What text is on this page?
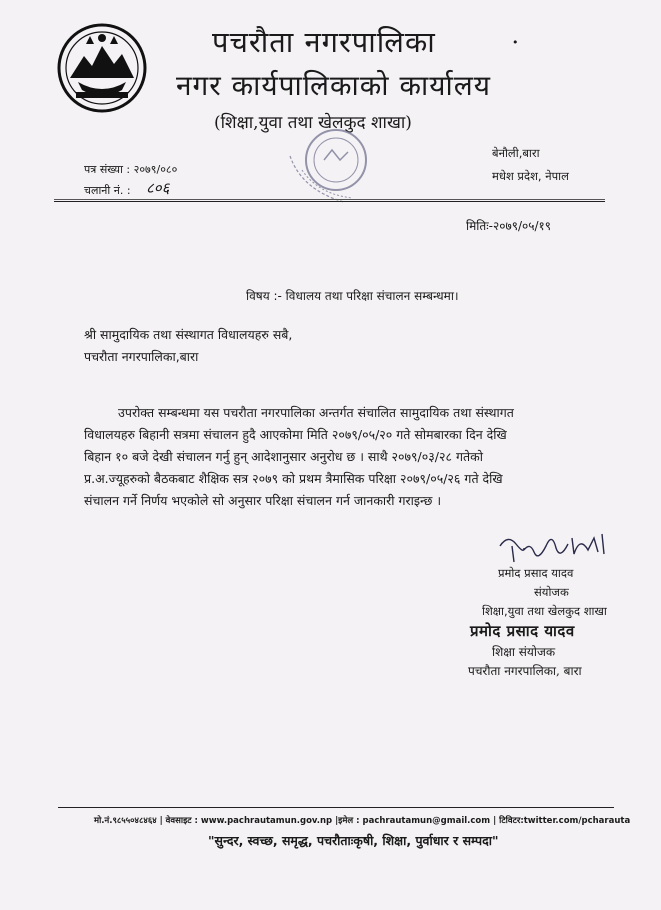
पचरौता नगरपालिका	•
नगर कार्यपालिकाको कार्यालय
(शिक्षा,युवा तथा खेलकुद शाखा)
पत्र संख्या : २०७९/०८०
चलानी नं. : ८०६
बेनौली,बारा
मधेश प्रदेश, नेपाल
मितिः-२०७९/०५/१९
विषय :- विधालय तथा परिक्षा संचालन सम्बन्धमा।
श्री सामुदायिक तथा संस्थागत विधालयहरु सबै,
पचरौता नगरपालिका,बारा
उपरोक्त सम्बन्धमा यस पचरौता नगरपालिका अन्तर्गत संचालित सामुदायिक तथा संस्थागत
विधालयहरु बिहानी सत्रमा संचालन हुदै आएकोमा मिति २०७९/०५/२० गते सोमबारका दिन देखि
बिहान १० बजे देखी संचालन गर्नु हुन् आदेशानुसार अनुरोध छ । साथै २०७९/०३/२८ गतेको
प्र.अ.ज्यूहरुको बैठकबाट शैक्षिक सत्र २०७९ को प्रथम त्रैमासिक परिक्षा २०७९/०५/२६ गते देखि
संचालन गर्ने निर्णय भएकोले सो अनुसार परिक्षा संचालन गर्न जानकारी गराइन्छ ।
प्रमोद प्रसाद यादव
संयोजक
शिक्षा,युवा तथा खेलकुद शाखा
प्रमोद प्रसाद यादव
शिक्षा संयोजक
पचरौता नगरपालिका, बारा
मो.नं.९८५५०४८४६४ | वेवसाइट : www.pachrautamun.gov.np |इमेल : pachrautamun@gmail.com | टिविटर:twitter.com/pcharauta
"सुन्दर, स्वच्छ, समृद्ध, पचरौताःकृषी, शिक्षा, पुर्वाधार र सम्पदा"
